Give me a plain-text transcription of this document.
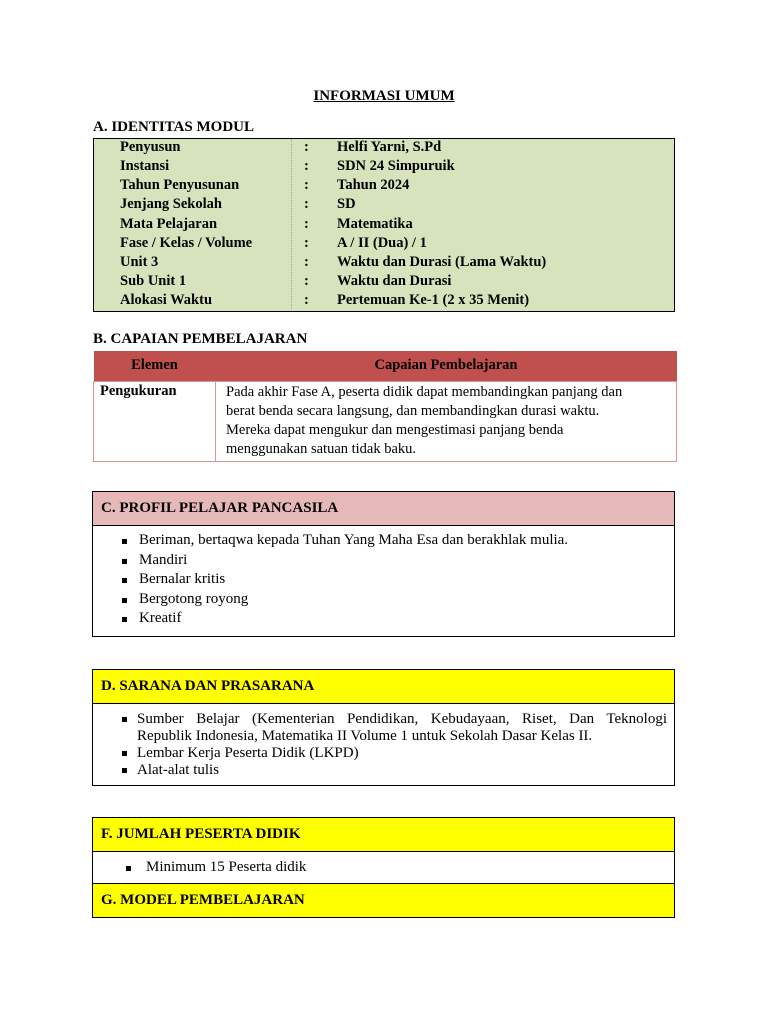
INFORMASI UMUM
A. IDENTITAS MODUL
Penyusun	: Helfi Yarni, S.Pd
Instansi	: SDN 24 Simpuruik
Tahun Penyusunan	: Tahun 2024
Jenjang Sekolah	: SD
Mata Pelajaran	: Matematika
Fase / Kelas / Volume	: A / II (Dua) / 1
Unit 3	: Waktu dan Durasi (Lama Waktu)
Sub Unit 1	: Waktu dan Durasi
Alokasi Waktu	: Pertemuan Ke-1 (2 x 35 Menit)
B. CAPAIAN PEMBELAJARAN
Elemen	Capaian Pembelajaran
Pengukuran	Pada akhir Fase A, peserta didik dapat membandingkan panjang dan
berat benda secara langsung, dan membandingkan durasi waktu.
Mereka dapat mengukur dan mengestimasi panjang benda
menggunakan satuan tidak baku.
C. PROFIL PELAJAR PANCASILA
Beriman, bertaqwa kepada Tuhan Yang Maha Esa dan berakhlak mulia.
Mandiri
Bernalar kritis
Bergotong royong
Kreatif
D. SARANA DAN PRASARANA
Sumber Belajar (Kementerian Pendidikan, Kebudayaan, Riset, Dan Teknologi
Republik Indonesia, Matematika II Volume 1 untuk Sekolah Dasar Kelas II.
Lembar Kerja Peserta Didik (LKPD)
Alat-alat tulis
F. JUMLAH PESERTA DIDIK
Minimum 15 Peserta didik
G. MODEL PEMBELAJARAN
